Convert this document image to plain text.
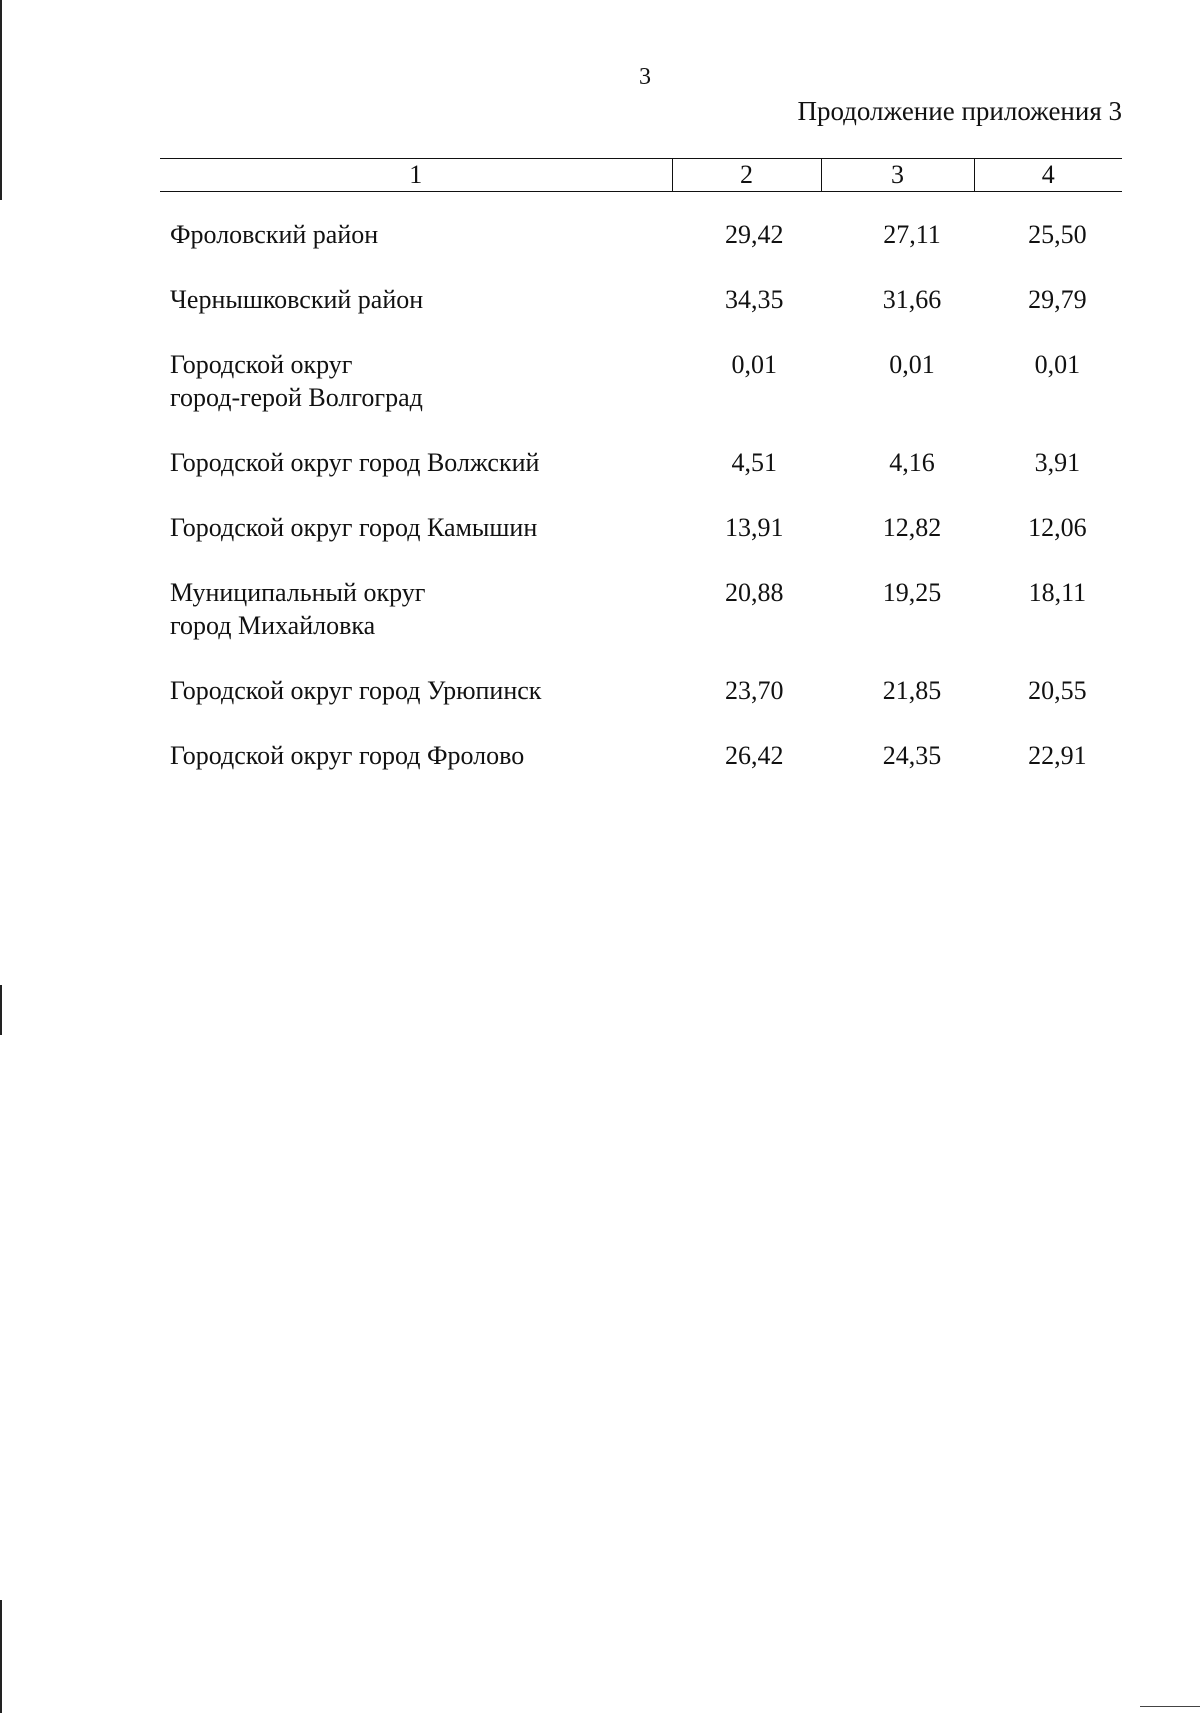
3
Продолжение приложения 3
1	2	3	4
Фроловский район	29,42	27,11	25,50
Чернышковский район	34,35	31,66	29,79
Городской округ
город-герой Волгоград
0,01	0,01	0,01
Городской округ город Волжский	4,51	4,16	3,91
Городской округ город Камышин	13,91	12,82	12,06
Муниципальный округ
город Михайловка
20,88	19,25	18,11
Городской округ город Урюпинск	23,70	21,85	20,55
Городской округ город Фролово	26,42	24,35	22,91
